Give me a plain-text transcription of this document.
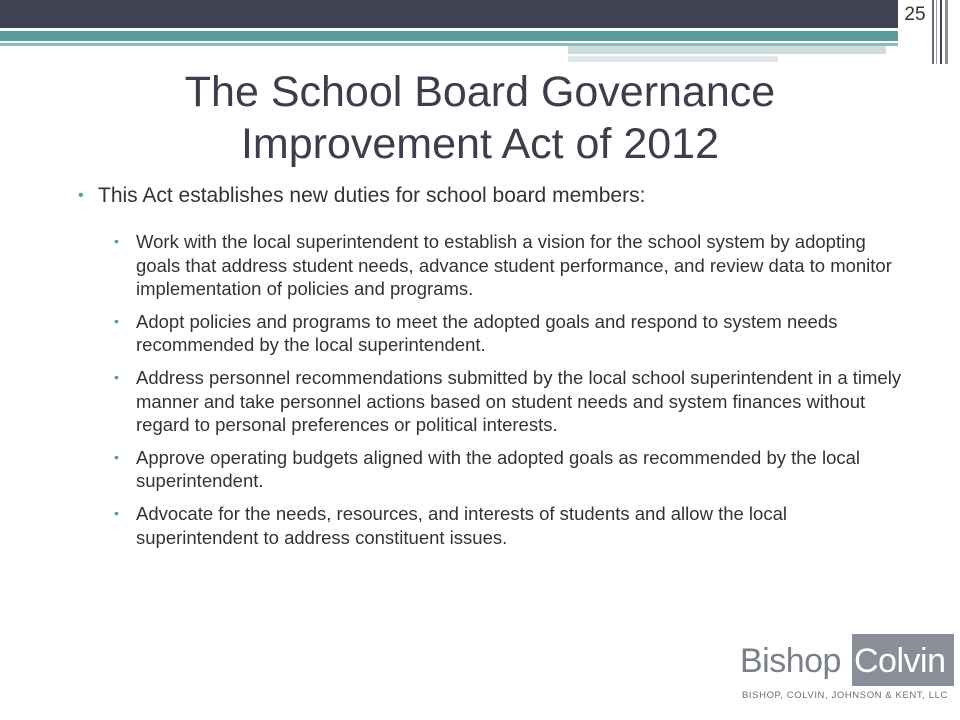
25
The School Board Governance
Improvement Act of 2012
• This Act establishes new duties for school board members:
• Work with the local superintendent to establish a vision for the school system by adopting goals that address student needs, advance student performance, and review data to monitor implementation of policies and programs.
• Adopt policies and programs to meet the adopted goals and respond to system needs recommended by the local superintendent.
• Address personnel recommendations submitted by the local school superintendent in a timely manner and take personnel actions based on student needs and system finances without regard to personal preferences or political interests.
• Approve operating budgets aligned with the adopted goals as recommended by the local superintendent.
• Advocate for the needs, resources, and interests of students and allow the local superintendent to address constituent issues.
Bishop Colvin
BISHOP, COLVIN, JOHNSON & KENT, LLC
